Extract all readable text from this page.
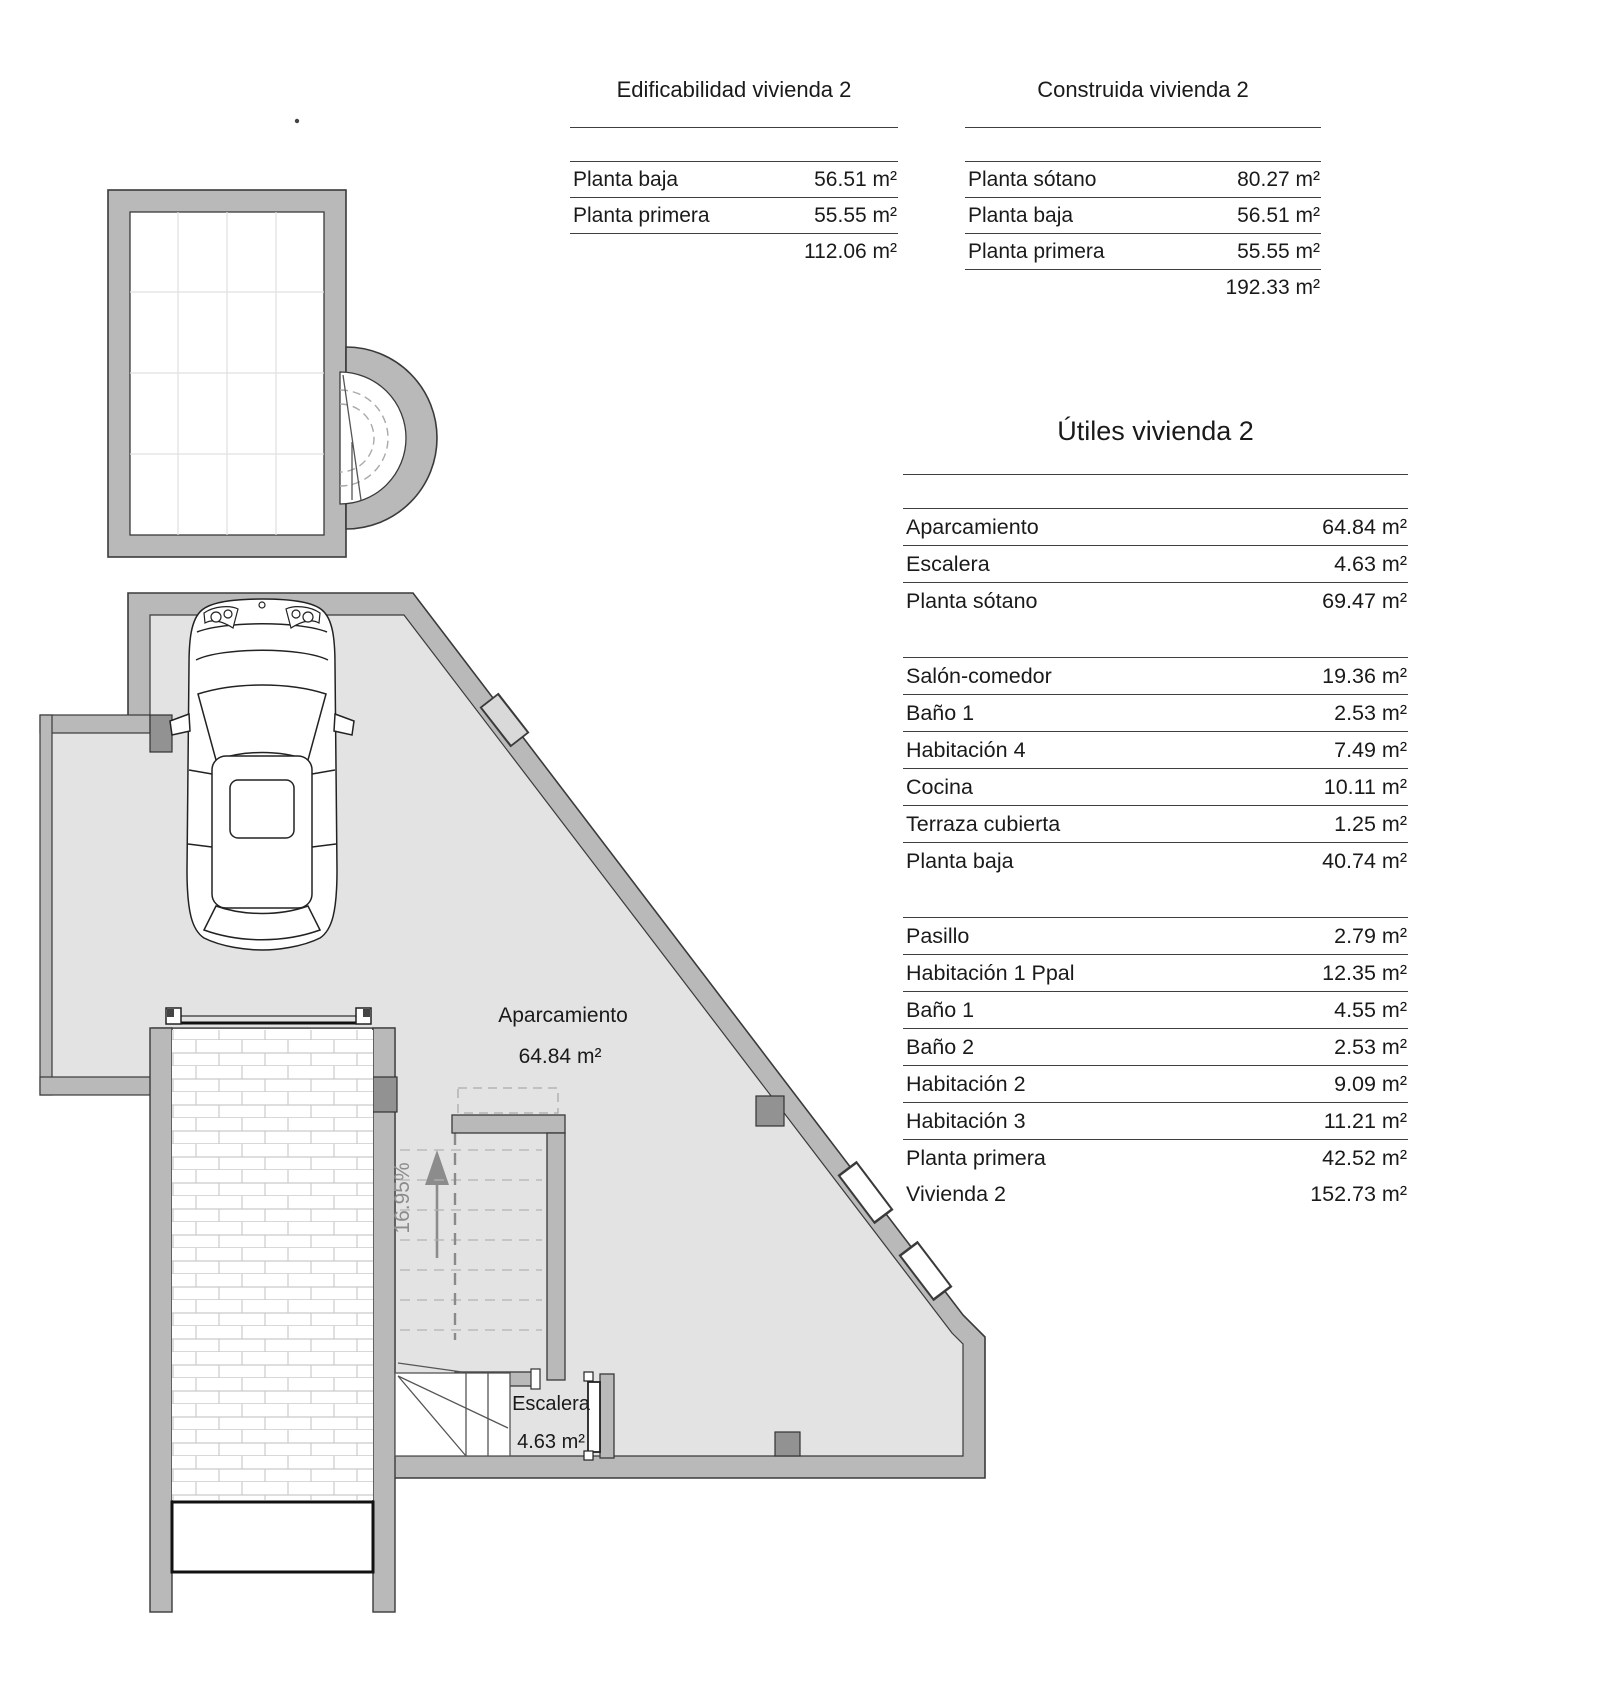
16.95%
Aparcamiento
64.84 m²
Escalera
4.63 m²
Edificabilidad vivienda 2
Planta baja	56.51 m²
Planta primera	55.55 m²
112.06 m²
Construida vivienda 2
Planta sótano	80.27 m²
Planta baja	56.51 m²
Planta primera	55.55 m²
192.33 m²
Útiles vivienda 2
Aparcamiento	64.84 m²
Escalera	4.63 m²
Planta sótano	69.47 m²
Salón-comedor	19.36 m²
Baño 1	2.53 m²
Habitación 4	7.49 m²
Cocina	10.11 m²
Terraza cubierta	1.25 m²
Planta baja	40.74 m²
Pasillo	2.79 m²
Habitación 1 Ppal	12.35 m²
Baño 1	4.55 m²
Baño 2	2.53 m²
Habitación 2	9.09 m²
Habitación 3	11.21 m²
Planta primera	42.52 m²
Vivienda 2	152.73 m²
